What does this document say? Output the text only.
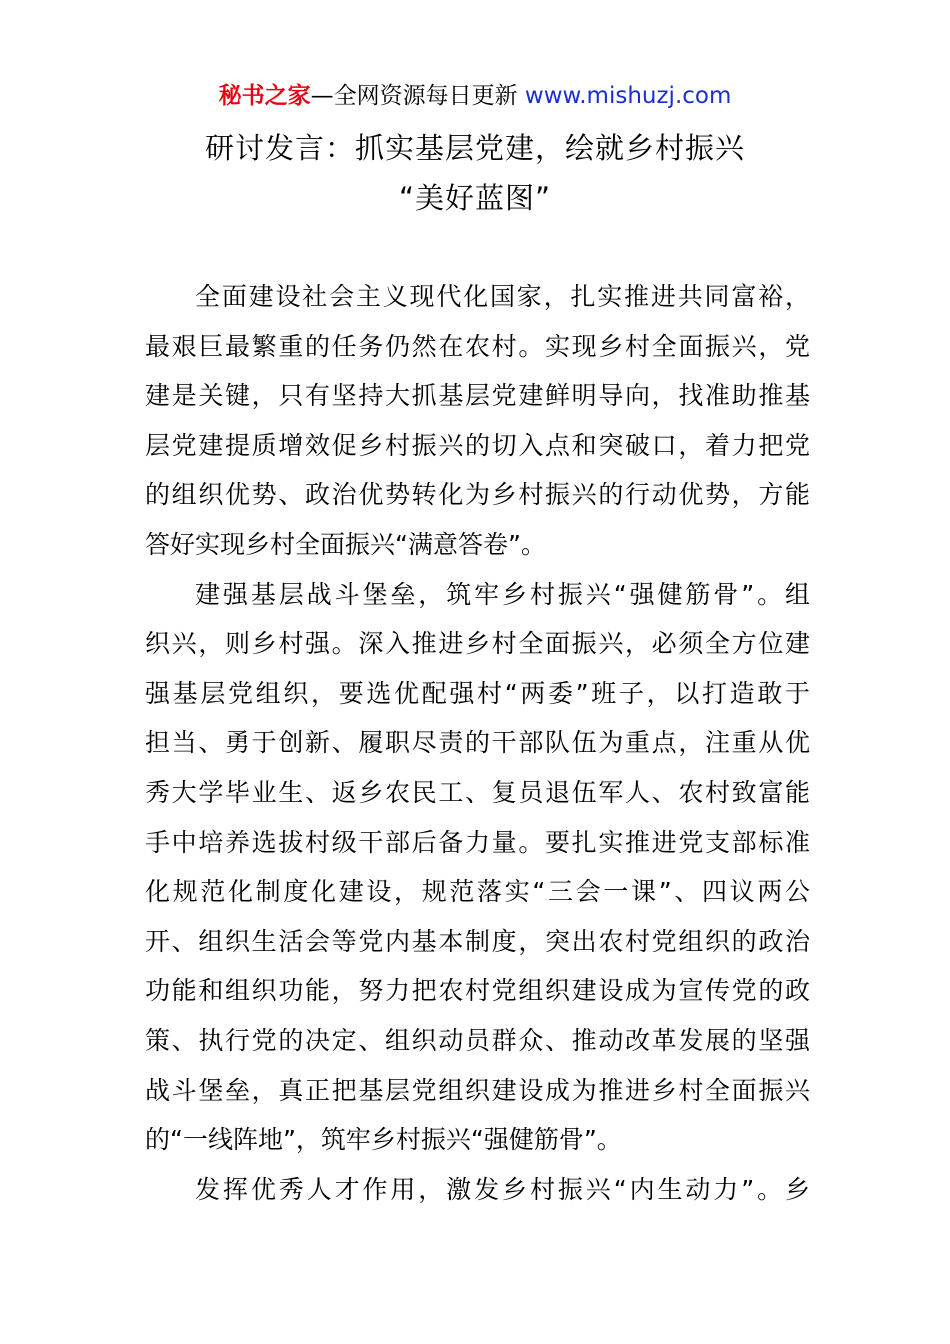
秘书之家—全网资源每日更新 www.mishuzj.com
研讨发言：抓实基层党建，绘就乡村振兴
“美好蓝图”
全面建设社会主义现代化国家，扎实推进共同富裕，
最艰巨最繁重的任务仍然在农村。实现乡村全面振兴，党
建是关键，只有坚持大抓基层党建鲜明导向，找准助推基
层党建提质增效促乡村振兴的切入点和突破口，着力把党
的组织优势、政治优势转化为乡村振兴的行动优势，方能
答好实现乡村全面振兴“满意答卷”。
建强基层战斗堡垒，筑牢乡村振兴“强健筋骨”。组
织兴，则乡村强。深入推进乡村全面振兴，必须全方位建
强基层党组织，要选优配强村“两委”班子，以打造敢于
担当、勇于创新、履职尽责的干部队伍为重点，注重从优
秀大学毕业生、返乡农民工、复员退伍军人、农村致富能
手中培养选拔村级干部后备力量。要扎实推进党支部标准
化规范化制度化建设，规范落实“三会一课”、四议两公
开、组织生活会等党内基本制度，突出农村党组织的政治
功能和组织功能，努力把农村党组织建设成为宣传党的政
策、执行党的决定、组织动员群众、推动改革发展的坚强
战斗堡垒，真正把基层党组织建设成为推进乡村全面振兴
的“一线阵地”，筑牢乡村振兴“强健筋骨”。
发挥优秀人才作用，激发乡村振兴“内生动力”。乡
